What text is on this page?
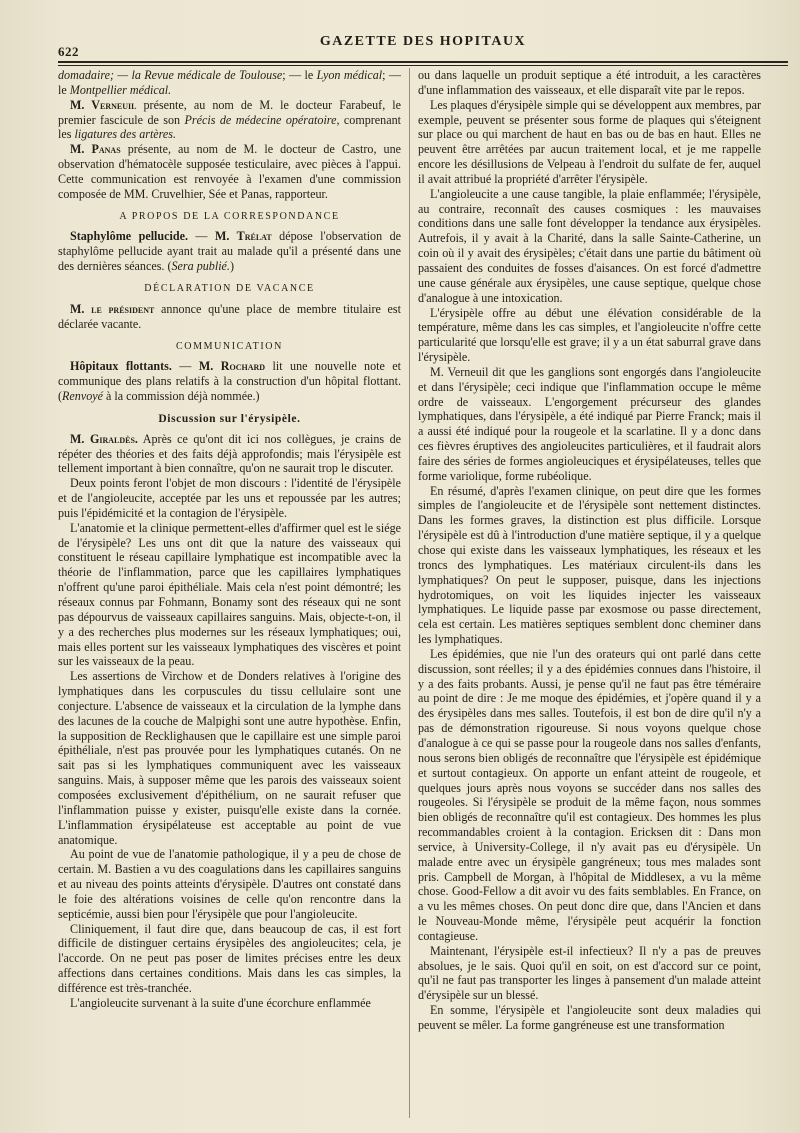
622
GAZETTE DES HOPITAUX

domadaire; — la Revue médicale de Toulouse; — le Lyon médical; — le Montpellier médical.

M. Verneuil présente, au nom de M. le docteur Farabeuf, le premier fascicule de son Précis de médecine opératoire, comprenant les ligatures des artères.

M. Panas présente, au nom de M. le docteur de Castro, une observation d'hématocèle supposée testiculaire, avec pièces à l'appui. Cette communication est renvoyée à l'examen d'une commission composée de MM. Cruvelhier, Sée et Panas, rapporteur.

A PROPOS DE LA CORRESPONDANCE

Staphylôme pellucide. — M. Trélat dépose l'observation de staphylôme pellucide ayant trait au malade qu'il a présenté dans une des dernières séances. (Sera publié.)

DÉCLARATION DE VACANCE

M. le président annonce qu'une place de membre titulaire est déclarée vacante.

COMMUNICATION

Hôpitaux flottants. — M. Rochard lit une nouvelle note et communique des plans relatifs à la construction d'un hôpital flottant. (Renvoyé à la commission déjà nommée.)

Discussion sur l'érysipèle.

M. Giraldès. Après ce qu'ont dit ici nos collègues, je crains de répéter des théories et des faits déjà approfondis; mais l'érysipèle est tellement important à bien connaître, qu'on ne saurait trop le discuter.

Deux points feront l'objet de mon discours : l'identité de l'érysipèle et de l'angioleucite, acceptée par les uns et repoussée par les autres; puis l'épidémicité et la contagion de l'érysipèle.

L'anatomie et la clinique permettent-elles d'affirmer quel est le siége de l'érysipèle? Les uns ont dit que la nature des vaisseaux qui constituent le réseau capillaire lymphatique est incompatible avec la théorie de l'inflammation, parce que les capillaires lymphatiques n'offrent qu'une paroi épithéliale. Mais cela n'est point démontré; les réseaux connus par Fohmann, Bonamy sont des réseaux qui ne sont pas dépourvus de vaisseaux capillaires sanguins. Mais, objecte-t-on, il y a des recherches plus modernes sur les réseaux lymphatiques; oui, mais elles portent sur les vaisseaux lymphatiques des viscères et point sur les vaisseaux de la peau.

Les assertions de Virchow et de Donders relatives à l'origine des lymphatiques dans les corpuscules du tissu cellulaire sont une conjecture. L'absence de vaisseaux et la circulation de la lymphe dans des lacunes de la couche de Malpighi sont une autre hypothèse. Enfin, la supposition de Recklighausen que le capillaire est une simple paroi épithéliale, n'est pas prouvée pour les lymphatiques cutanés. On ne sait pas si les lymphatiques communiquent avec les vaisseaux sanguins. Mais, à supposer même que les parois des vaisseaux soient composées exclusivement d'épithélium, on ne saurait refuser que l'inflammation puisse y exister, puisqu'elle existe dans la cornée. L'inflammation érysipélateuse est acceptable au point de vue anatomique.

Au point de vue de l'anatomie pathologique, il y a peu de chose de certain. M. Bastien a vu des coagulations dans les capillaires sanguins et au niveau des points atteints d'érysipèle. D'autres ont constaté dans le foie des altérations voisines de celle qu'on rencontre dans la septicémie, aussi bien pour l'érysipèle que pour l'angioleucite.

Cliniquement, il faut dire que, dans beaucoup de cas, il est fort difficile de distinguer certains érysipèles des angioleucites; cela, je l'accorde. On ne peut pas poser de limites précises entre les deux affections dans certaines conditions. Mais dans les cas simples, la différence est très-tranchée.

L'angioleucite survenant à la suite d'une écorchure enflammée

ou dans laquelle un produit septique a été introduit, a les caractères d'une inflammation des vaisseaux, et elle disparaît vite par le repos.

Les plaques d'érysipèle simple qui se développent aux membres, par exemple, peuvent se présenter sous forme de plaques qui s'éteignent sur place ou qui marchent de haut en bas ou de bas en haut. Elles ne peuvent être arrêtées par aucun traitement local, et je me rappelle encore les désillusions de Velpeau à l'endroit du sulfate de fer, auquel il avait attribué la propriété d'arrêter l'érysipèle.

L'angioleucite a une cause tangible, la plaie enflammée; l'érysipèle, au contraire, reconnaît des causes cosmiques : les mauvaises conditions dans une salle font développer la tendance aux érysipèles. Autrefois, il y avait à la Charité, dans la salle Sainte-Catherine, un coin où il y avait des érysipèles; c'était dans une partie du bâtiment où passaient des conduites de fosses d'aisances. On est forcé d'admettre une cause générale aux érysipèles, une cause septique, quelque chose d'analogue à une intoxication.

L'érysipèle offre au début une élévation considérable de la température, même dans les cas simples, et l'angioleucite n'offre cette particularité que lorsqu'elle est grave; il y a un état saburral grave dans l'érysipèle.

M. Verneuil dit que les ganglions sont engorgés dans l'angioleucite et dans l'érysipèle; ceci indique que l'inflammation occupe le même ordre de vaisseaux. L'engorgement précurseur des glandes lymphatiques, dans l'érysipèle, a été indiqué par Pierre Franck; mais il a aussi été indiqué pour la rougeole et la scarlatine. Il y a donc dans ces fièvres éruptives des angioleucites particulières, et il faudrait alors faire des séries de formes angioleuciques et érysipélateuses, telles que forme variolique, forme rubéolique.

En résumé, d'après l'examen clinique, on peut dire que les formes simples de l'angioleucite et de l'érysipèle sont nettement distinctes. Dans les formes graves, la distinction est plus difficile. Lorsque l'érysipèle est dû à l'introduction d'une matière septique, il y a quelque chose qui existe dans les vaisseaux lymphatiques, les réseaux et les troncs des lymphatiques. Les matériaux circulent-ils dans les lymphatiques? On peut le supposer, puisque, dans les injections hydrotomiques, on voit les liquides injecter les vaisseaux lymphatiques. Le liquide passe par exosmose ou passe directement, cela est certain. Les matières septiques semblent donc cheminer dans les lymphatiques.

Les épidémies, que nie l'un des orateurs qui ont parlé dans cette discussion, sont réelles; il y a des épidémies connues dans l'histoire, il y a des faits probants. Aussi, je pense qu'il ne faut pas être téméraire au point de dire : Je me moque des épidémies, et j'opère quand il y a des érysipèles dans mes salles. Toutefois, il est bon de dire qu'il n'y a pas de démonstration rigoureuse. Si nous voyons quelque chose d'analogue à ce qui se passe pour la rougeole dans nos salles d'enfants, nous serons bien obligés de reconnaître que l'érysipèle est épidémique et surtout contagieux. On apporte un enfant atteint de rougeole, et quelques jours après nous voyons se succéder dans nos salles des rougeoles. Si l'érysipèle se produit de la même façon, nous sommes bien obligés de reconnaître qu'il est contagieux. Des hommes les plus recommandables croient à la contagion. Ericksen dit : Dans mon service, à University-College, il n'y avait pas eu d'érysipèle. Un malade entre avec un érysipèle gangréneux; tous mes malades sont pris. Campbell de Morgan, à l'hôpital de Middlesex, a vu la même chose. Good-Fellow a dit avoir vu des faits semblables. En France, on a vu les mêmes choses. On peut donc dire que, dans l'Ancien et dans le Nouveau-Monde même, l'érysipèle peut acquérir la fonction contagieuse.

Maintenant, l'érysipèle est-il infectieux? Il n'y a pas de preuves absolues, je le sais. Quoi qu'il en soit, on est d'accord sur ce point, qu'il ne faut pas transporter les linges à pansement d'un malade atteint d'érysipèle sur un blessé.

En somme, l'érysipèle et l'angioleucite sont deux maladies qui peuvent se mêler. La forme gangréneuse est une transformation
